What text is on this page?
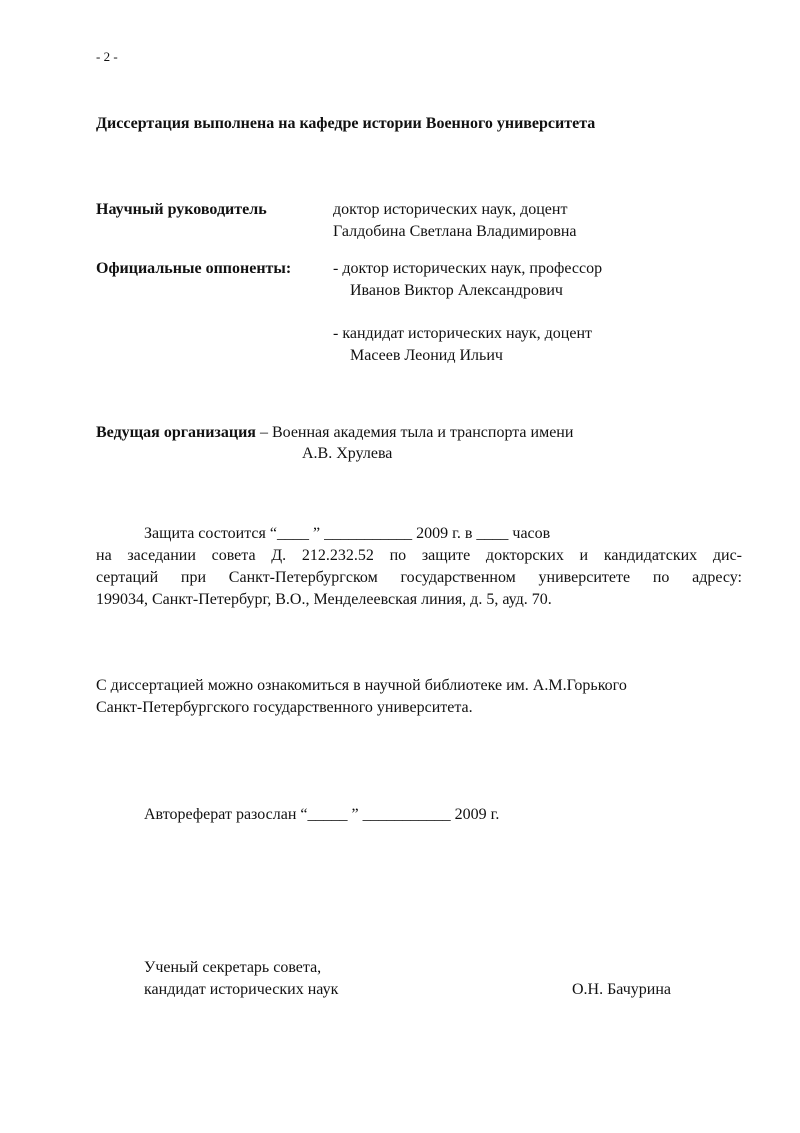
- 2 -
Диссертация выполнена на кафедре истории Военного университета
Научный руководитель	доктор исторических наук, доцент
Галдобина Светлана Владимировна
Официальные оппоненты:	- доктор исторических наук, профессор
Иванов Виктор Александрович
- кандидат исторических наук, доцент
Масеев Леонид Ильич
Ведущая организация – Военная академия тыла и транспорта имени
А.В. Хрулева
Защита состоится “____ ” ___________ 2009 г. в ____ часов
на заседании совета Д. 212.232.52 по защите докторских и кандидатских дис-
сертаций при Санкт-Петербургском государственном университете по адресу:
199034, Санкт-Петербург, В.О., Менделеевская линия, д. 5, ауд. 70.
С диссертацией можно ознакомиться в научной библиотеке им. А.М.Горького
Санкт-Петербургского государственного университета.
Автореферат разослан “_____ ” ___________ 2009 г.
Ученый секретарь совета,
кандидат исторических наук	О.Н. Бачурина
